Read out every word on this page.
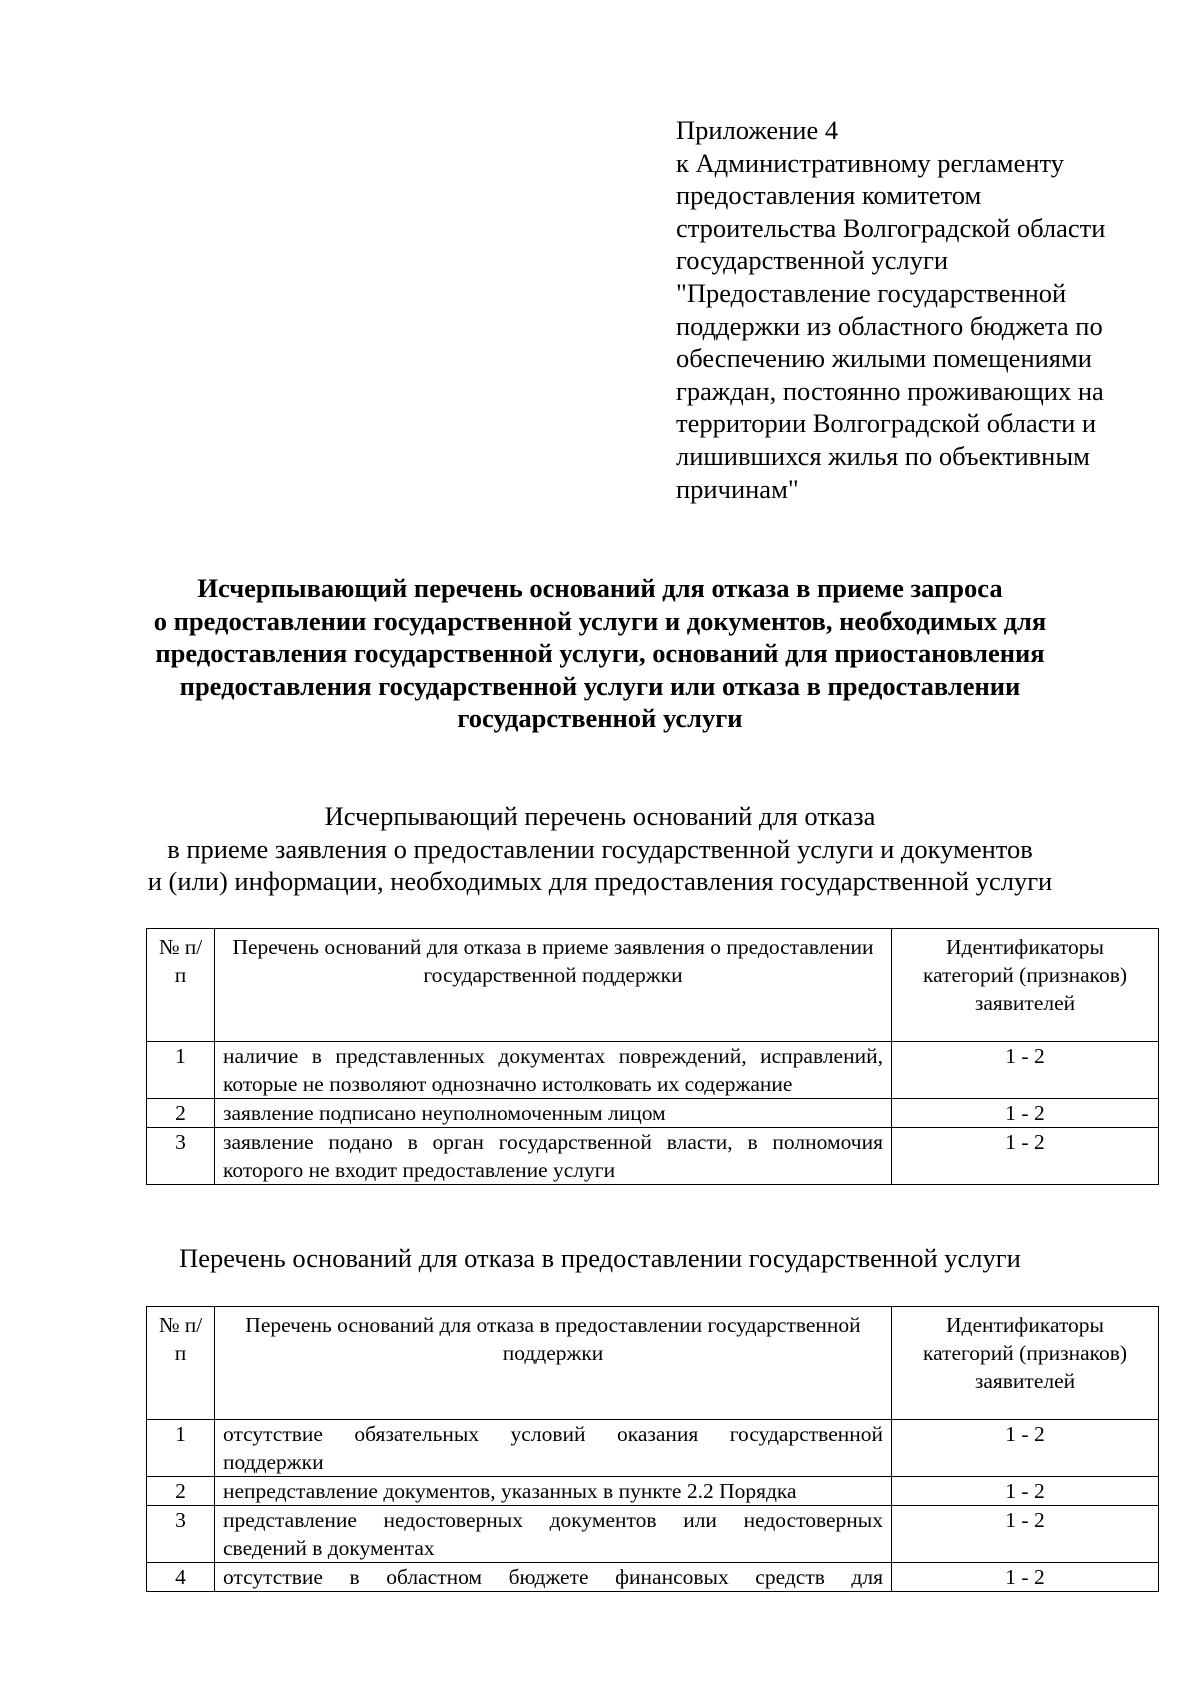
Приложение 4
к Административному регламенту
предоставления комитетом
строительства Волгоградской области
государственной услуги
"Предоставление государственной
поддержки из областного бюджета по
обеспечению жилыми помещениями
граждан, постоянно проживающих на
территории Волгоградской области и
лишившихся жилья по объективным
причинам"
Исчерпывающий перечень оснований для отказа в приеме запроса
о предоставлении государственной услуги и документов, необходимых для
предоставления государственной услуги, оснований для приостановления
предоставления государственной услуги или отказа в предоставлении
государственной услуги
Исчерпывающий перечень оснований для отказа
в приеме заявления о предоставлении государственной услуги и документов
и (или) информации, необходимых для предоставления государственной услуги
№ п/п	Перечень оснований для отказа в приеме заявления о предоставлении государственной поддержки	Идентификаторы категорий (признаков) заявителей
1	наличие в представленных документах повреждений, исправлений, которые не позволяют однозначно истолковать их содержание	1 - 2
2	заявление подписано неуполномоченным лицом	1 - 2
3	заявление подано в орган государственной власти, в полномочия которого не входит предоставление услуги	1 - 2
Перечень оснований для отказа в предоставлении государственной услуги
№ п/п	Перечень оснований для отказа в предоставлении государственной поддержки	Идентификаторы категорий (признаков) заявителей
1	отсутствие обязательных условий оказания государственной поддержки	1 - 2
2	непредставление документов, указанных в пункте 2.2 Порядка	1 - 2
3	представление недостоверных документов или недостоверных сведений в документах	1 - 2
4	отсутствие в областном бюджете финансовых средств для	1 - 2
